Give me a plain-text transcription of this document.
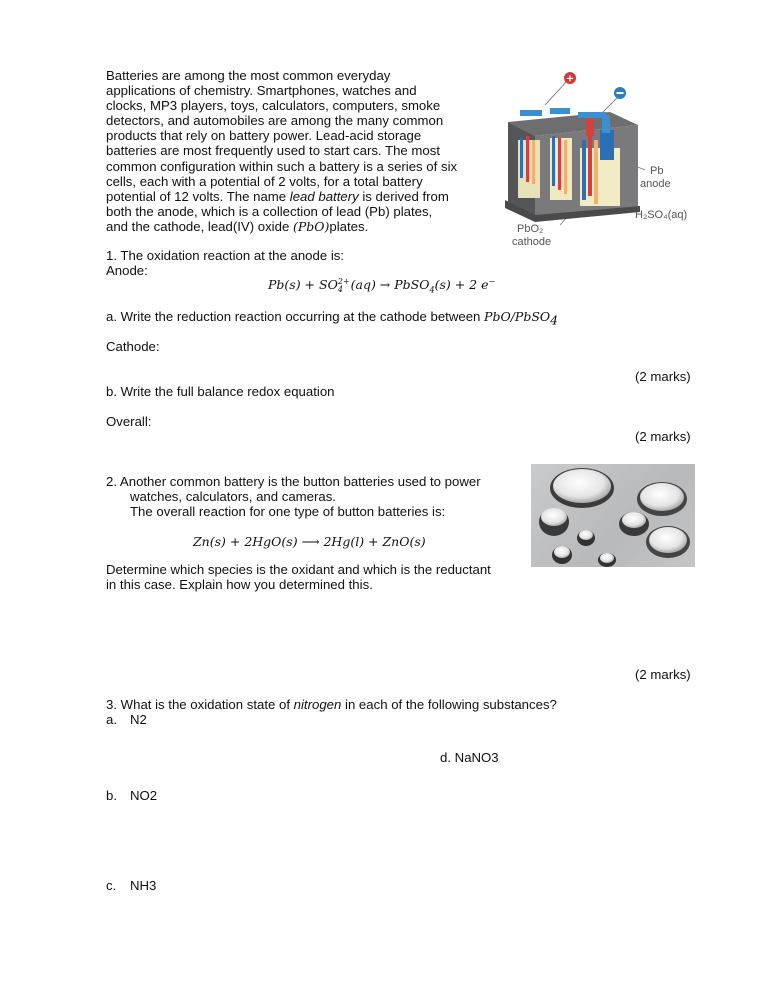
Batteries are among the most common everyday
applications of chemistry. Smartphones, watches and
clocks, MP3 players, toys, calculators, computers, smoke
detectors, and automobiles are among the many common
products that rely on battery power. Lead-acid storage
batteries are most frequently used to start cars. The most
common configuration within such a battery is a series of six
cells, each with a potential of 2 volts, for a total battery
potential of 12 volts. The name lead battery is derived from
both the anode, which is a collection of lead (Pb) plates,
and the cathode, lead(IV) oxide (PbO)plates.
+
Pb
anode
H₂SO₄(aq)
PbO₂
cathode
1. The oxidation reaction at the anode is:
Anode:
Pb(s) + SO 2+
4 (aq) → PbSO$_4$(s) + 2 e−
a. Write the reduction reaction occurring at the cathode between PbO/PbSO$_4$
Cathode:
(2 marks)
b. Write the full balance redox equation
Overall:
(2 marks)
2. Another common battery is the button batteries used to power
watches, calculators, and cameras.
The overall reaction for one type of button batteries is:
Zn(s) + 2HgO(s) ⟶ 2Hg(l) + ZnO(s)
Determine which species is the oxidant and which is the reductant
in this case. Explain how you determined this.
(2 marks)
3. What is the oxidation state of nitrogen in each of the following substances?
a. N2
d. NaNO3
b. NO2
c. NH3
